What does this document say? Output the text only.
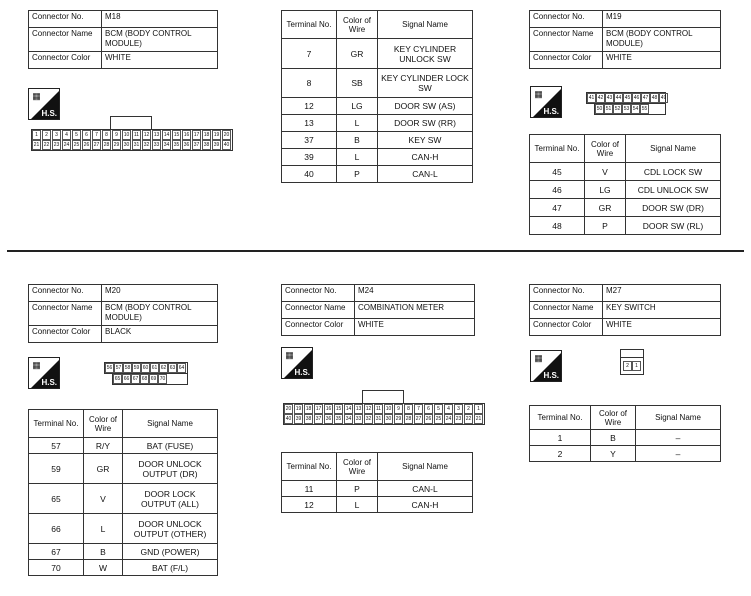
Connector No.	M18
Connector Name	BCM (BODY CONTROL MODULE)
Connector Color	WHITE
▦
H.S.
1	2	3	4	5	6	7	8	9	10 11 12 13 14 15 16 17 18 19 20
21 22 23 24 25 26 27 28 29 30 31 32 33 34 35 36 37 38 39 40
Terminal No.	Color of Wire	Signal Name
7	GR	KEY CYLINDER UNLOCK SW
8	SB	KEY CYLINDER LOCK SW
12	LG	DOOR SW (AS)
13	L	DOOR SW (RR)
37	B	KEY SW
39	L	CAN-H
40	P	CAN-L
Connector No.	M19
Connector Name	BCM (BODY CONTROL MODULE)
Connector Color	WHITE
▦
H.S.
41 42 43 44 45 46 47 48 49
50 51 52 53 54 55
Terminal No.	Color of Wire	Signal Name
45	V	CDL LOCK SW
46	LG	CDL UNLOCK SW
47	GR	DOOR SW (DR)
48	P	DOOR SW (RL)
Connector No.	M20
Connector Name	BCM (BODY CONTROL MODULE)
Connector Color	BLACK
▦
H.S.
56 57 58 59 60 61 62 63 64
65 66 67 68 69 70
Terminal No.	Color of Wire	Signal Name
57	R/Y	BAT (FUSE)
59	GR	DOOR UNLOCK OUTPUT (DR)
65	V	DOOR LOCK OUTPUT (ALL)
66	L	DOOR UNLOCK OUTPUT (OTHER)
67	B	GND (POWER)
70	W	BAT (F/L)
Connector No.	M24
Connector Name	COMBINATION METER
Connector Color	WHITE
▦
H.S.
20 19 18 17 16 15 14 13 12 11 10	9	8	7	6	5	4	3	2	1
40 39 38 37 36 35 34 33 32 31 30 29 28 27 26 25 24 23 22 21
Terminal No.	Color of Wire	Signal Name
11	P	CAN-L
12	L	CAN-H
Connector No.	M27
Connector Name	KEY SWITCH
Connector Color	WHITE
▦
H.S.
2	1
Terminal No.	Color of Wire	Signal Name
1	B	–
2	Y	–
